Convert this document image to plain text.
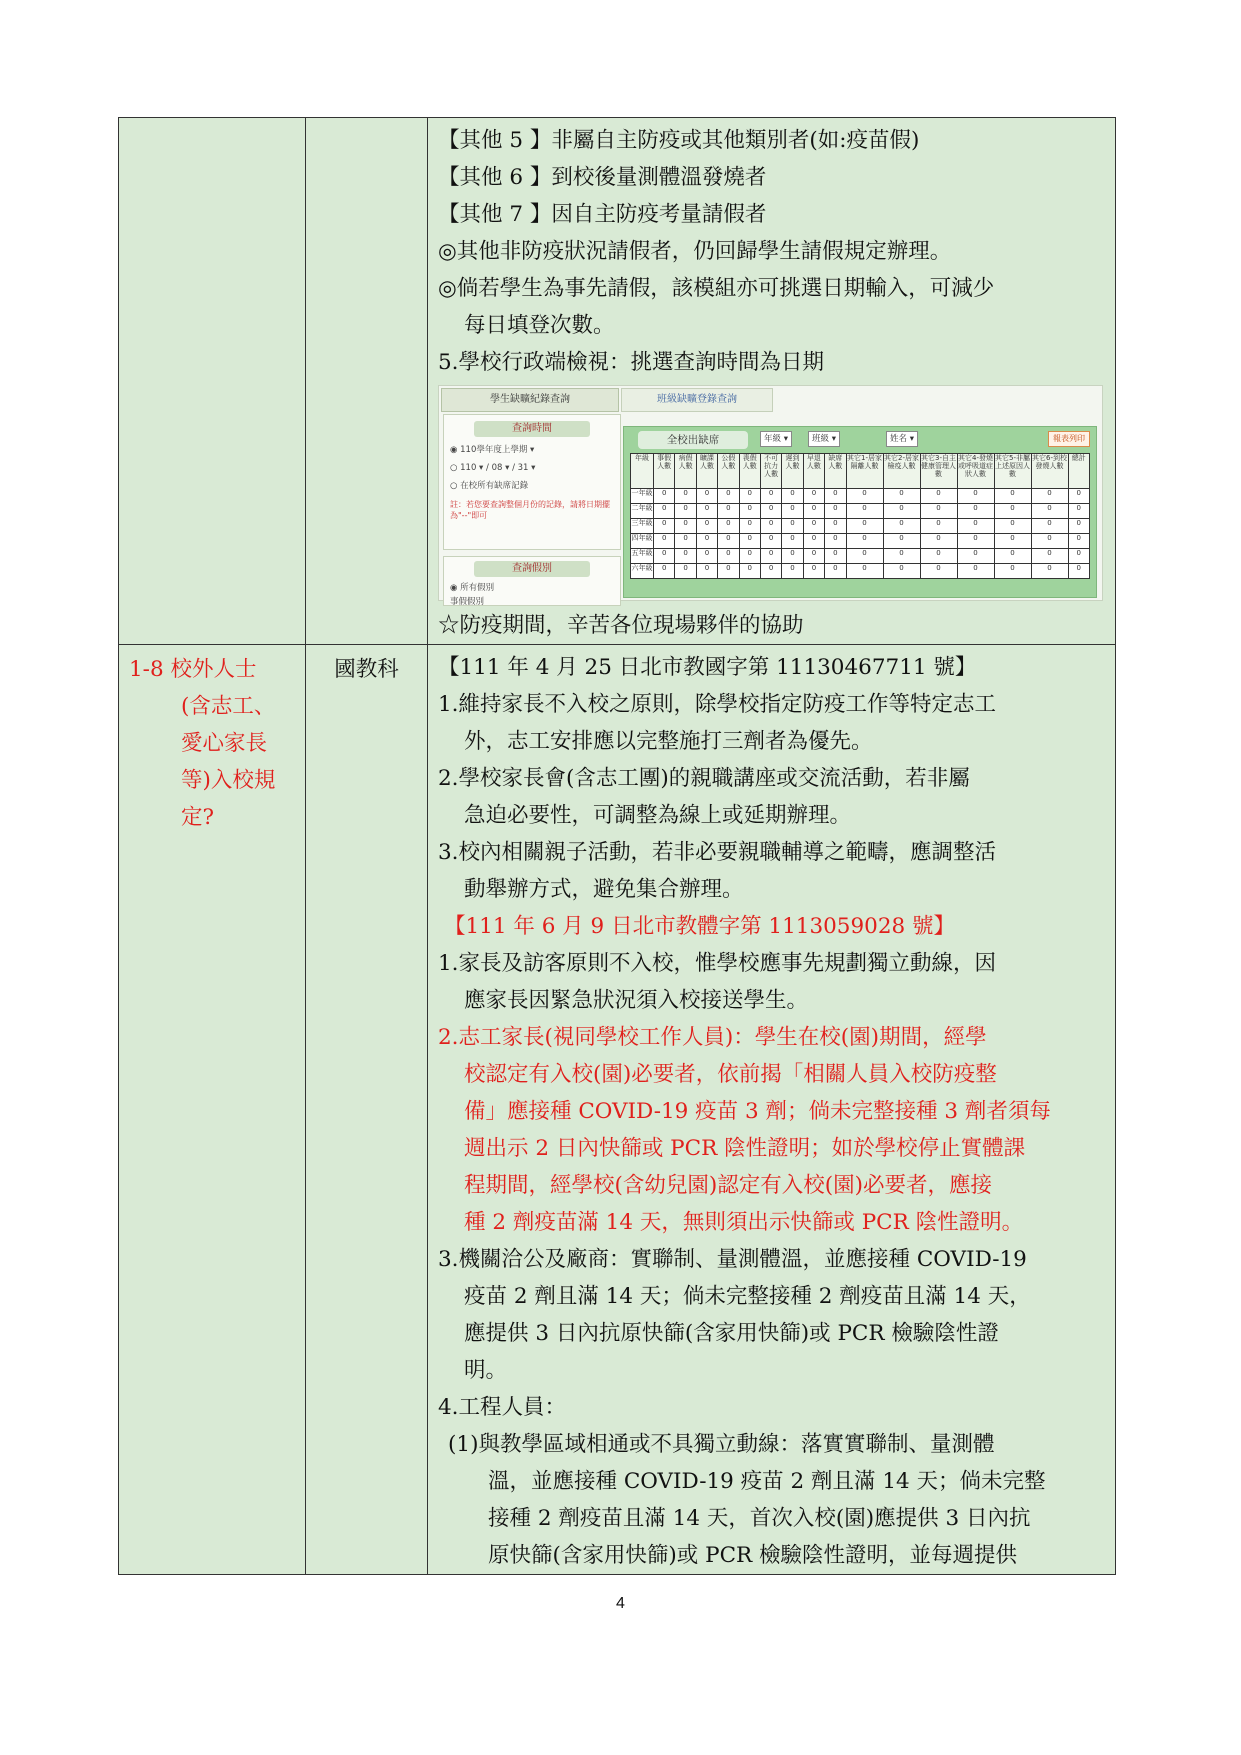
【其他 5 】非屬自主防疫或其他類別者(如:疫苗假)
【其他 6 】到校後量測體溫發燒者
【其他 7 】因自主防疫考量請假者
◎其他非防疫狀況請假者，仍回歸學生請假規定辦理。
◎倘若學生為事先請假，該模組亦可挑選日期輸入，可減少
每日填登次數。
5.學校行政端檢視：挑選查詢時間為日期
學生缺曠紀錄查詢	班級缺曠登錄查詢
查詢時間
◉ 110學年度上學期 ▾
○ 110 ▾ / 08 ▾ / 31 ▾
○ 在校所有缺席記錄
註：若您要查詢整個月份的記錄，請將日期擺為"--"即可
查詢假別
◉ 所有假別
事假假別
全校出缺席	年級 ▾	班級 ▾	姓名 ▾	報表列印
年級	事假人數	病假人數	曠課人數	公假人數	喪假人數	不可抗力人數	遲到人數	早退人數	缺席人數	其它1-居家隔離人數	其它2-居家檢疫人數	其它3-自主健康管理人數	其它4-發燒或呼吸道症狀人數	其它5-非屬上述原因人數	其它6-到校發燒人數	總計
一年級	0	0	0	0	0	0	0	0	0	0	0	0	0	0	0	0
二年級	0	0	0	0	0	0	0	0	0	0	0	0	0	0	0	0
三年級	0	0	0	0	0	0	0	0	0	0	0	0	0	0	0	0
四年級	0	0	0	0	0	0	0	0	0	0	0	0	0	0	0	0
五年級	0	0	0	0	0	0	0	0	0	0	0	0	0	0	0	0
六年級	0	0	0	0	0	0	0	0	0	0	0	0	0	0	0	0
☆防疫期間，辛苦各位現場夥伴的協助

1-8 校外人士
(含志工、
愛心家長
等)入校規
定?

國教科	【111 年 4 月 25 日北市教國字第 11130467711 號】
1.維持家長不入校之原則，除學校指定防疫工作等特定志工
外，志工安排應以完整施打三劑者為優先。
2.學校家長會(含志工團)的親職講座或交流活動，若非屬
急迫必要性，可調整為線上或延期辦理。
3.校內相關親子活動，若非必要親職輔導之範疇，應調整活
動舉辦方式，避免集合辦理。
【111 年 6 月 9 日北市教體字第 1113059028 號】
1.家長及訪客原則不入校，惟學校應事先規劃獨立動線，因
應家長因緊急狀況須入校接送學生。
2.志工家長(視同學校工作人員)：學生在校(園)期間，經學
校認定有入校(園)必要者，依前揭「相關人員入校防疫整
備」應接種 COVID-19 疫苗 3 劑；倘未完整接種 3 劑者須每
週出示 2 日內快篩或 PCR 陰性證明；如於學校停止實體課
程期間，經學校(含幼兒園)認定有入校(園)必要者，應接
種 2 劑疫苗滿 14 天，無則須出示快篩或 PCR 陰性證明。
3.機關洽公及廠商：實聯制、量測體溫，並應接種 COVID-19
疫苗 2 劑且滿 14 天；倘未完整接種 2 劑疫苗且滿 14 天，
應提供 3 日內抗原快篩(含家用快篩)或 PCR 檢驗陰性證
明。
4.工程人員：
(1)與教學區域相通或不具獨立動線：落實實聯制、量測體
溫，並應接種 COVID-19 疫苗 2 劑且滿 14 天；倘未完整
接種 2 劑疫苗且滿 14 天，首次入校(園)應提供 3 日內抗
原快篩(含家用快篩)或 PCR 檢驗陰性證明，並每週提供
4
